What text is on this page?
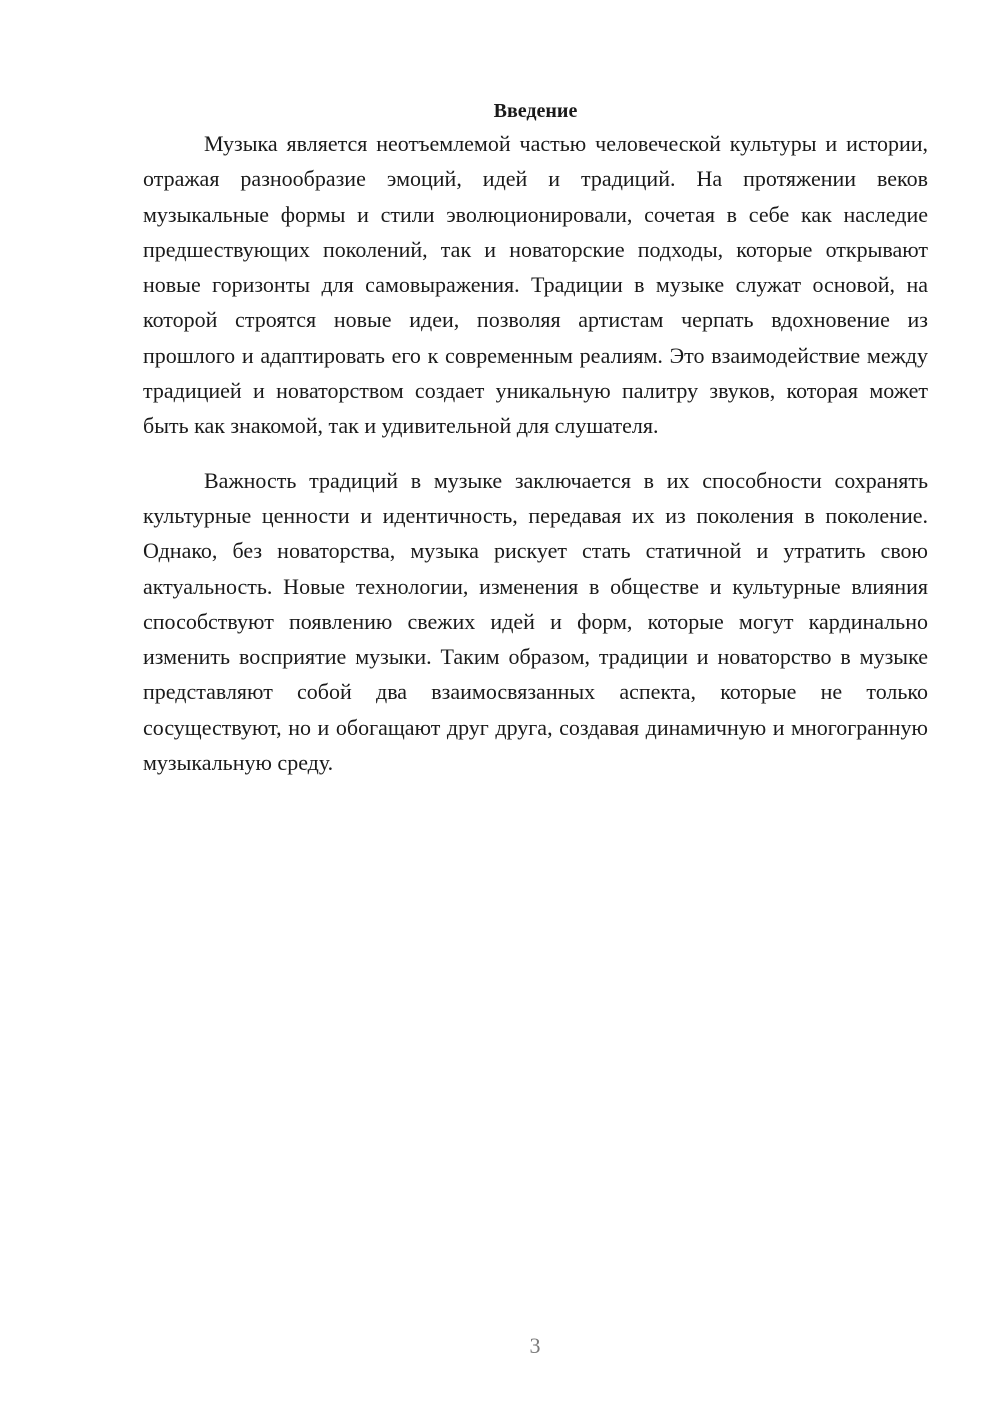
Введение

Музыка является неотъемлемой частью человеческой культуры и истории, отражая разнообразие эмоций, идей и традиций. На протяжении веков музыкальные формы и стили эволюционировали, сочетая в себе как наследие предшествующих поколений, так и новаторские подходы, которые открывают новые горизонты для самовыражения. Традиции в музыке служат основой, на которой строятся новые идеи, позволяя артистам черпать вдохновение из прошлого и адаптировать его к современным реалиям. Это взаимодействие между традицией и новаторством создает уникальную палитру звуков, которая может быть как знакомой, так и удивительной для слушателя.

Важность традиций в музыке заключается в их способности сохранять культурные ценности и идентичность, передавая их из поколения в поколение. Однако, без новаторства, музыка рискует стать статичной и утратить свою актуальность. Новые технологии, изменения в обществе и культурные влияния способствуют появлению свежих идей и форм, которые могут кардинально изменить восприятие музыки. Таким образом, традиции и новаторство в музыке представляют собой два взаимосвязанных аспекта, которые не только сосуществуют, но и обогащают друг друга, создавая динамичную и многогранную музыкальную среду.

3
